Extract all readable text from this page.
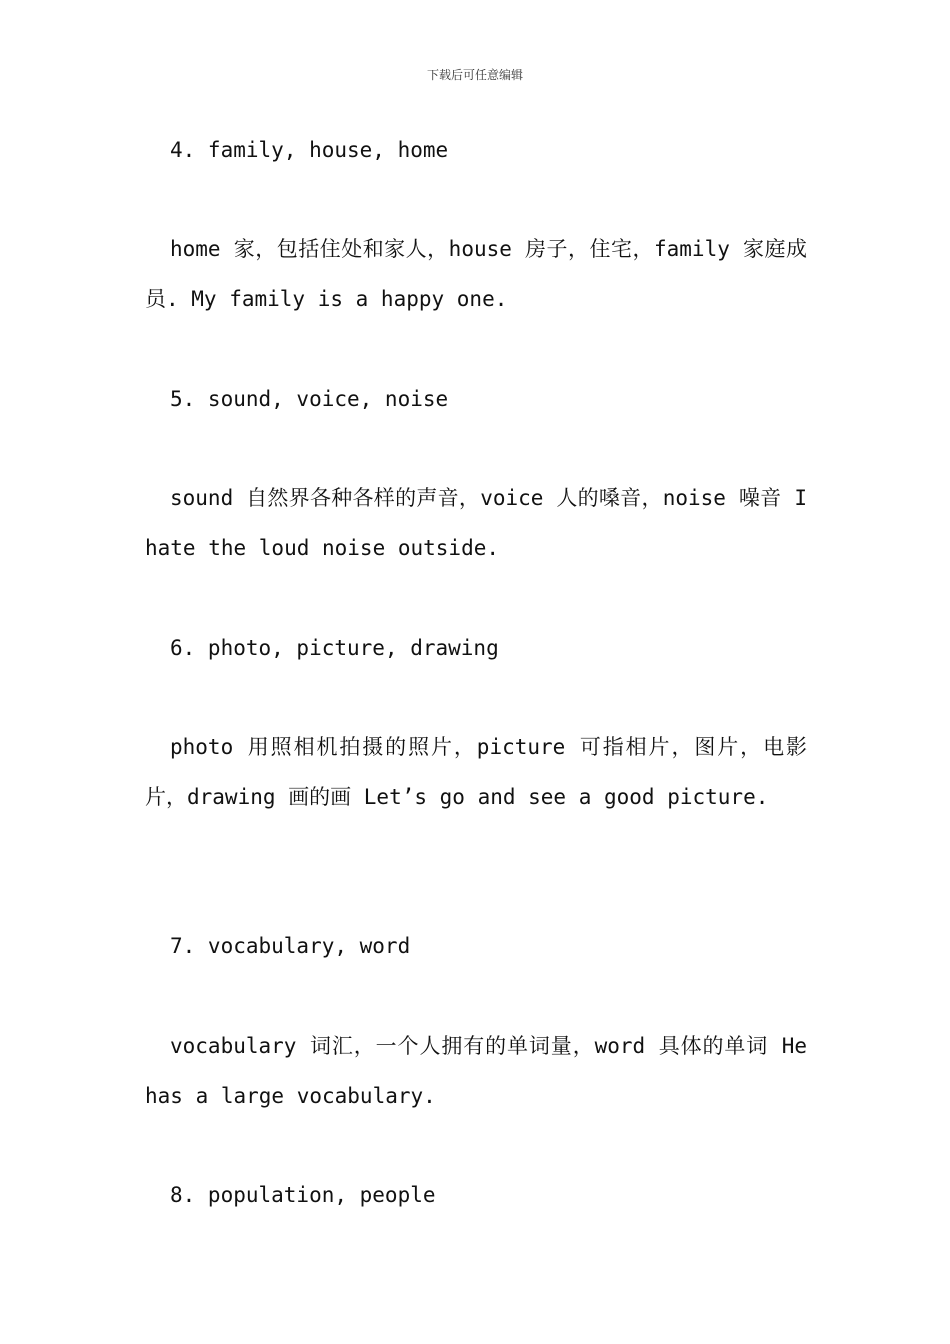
下载后可任意编辑

4. family, house, home

home 家，包括住处和家人，house 房子，住宅，family 家庭成员. My family is a happy one.

5. sound, voice, noise

sound 自然界各种各样的声音，voice 人的嗓音，noise 噪音 I hate the loud noise outside.

6. photo, picture, drawing

photo 用照相机拍摄的照片，picture 可指相片，图片，电影片，drawing 画的画 Let’s go and see a good picture.

7. vocabulary, word

vocabulary 词汇，一个人拥有的单词量，word 具体的单词 He has a large vocabulary.

8. population, people
